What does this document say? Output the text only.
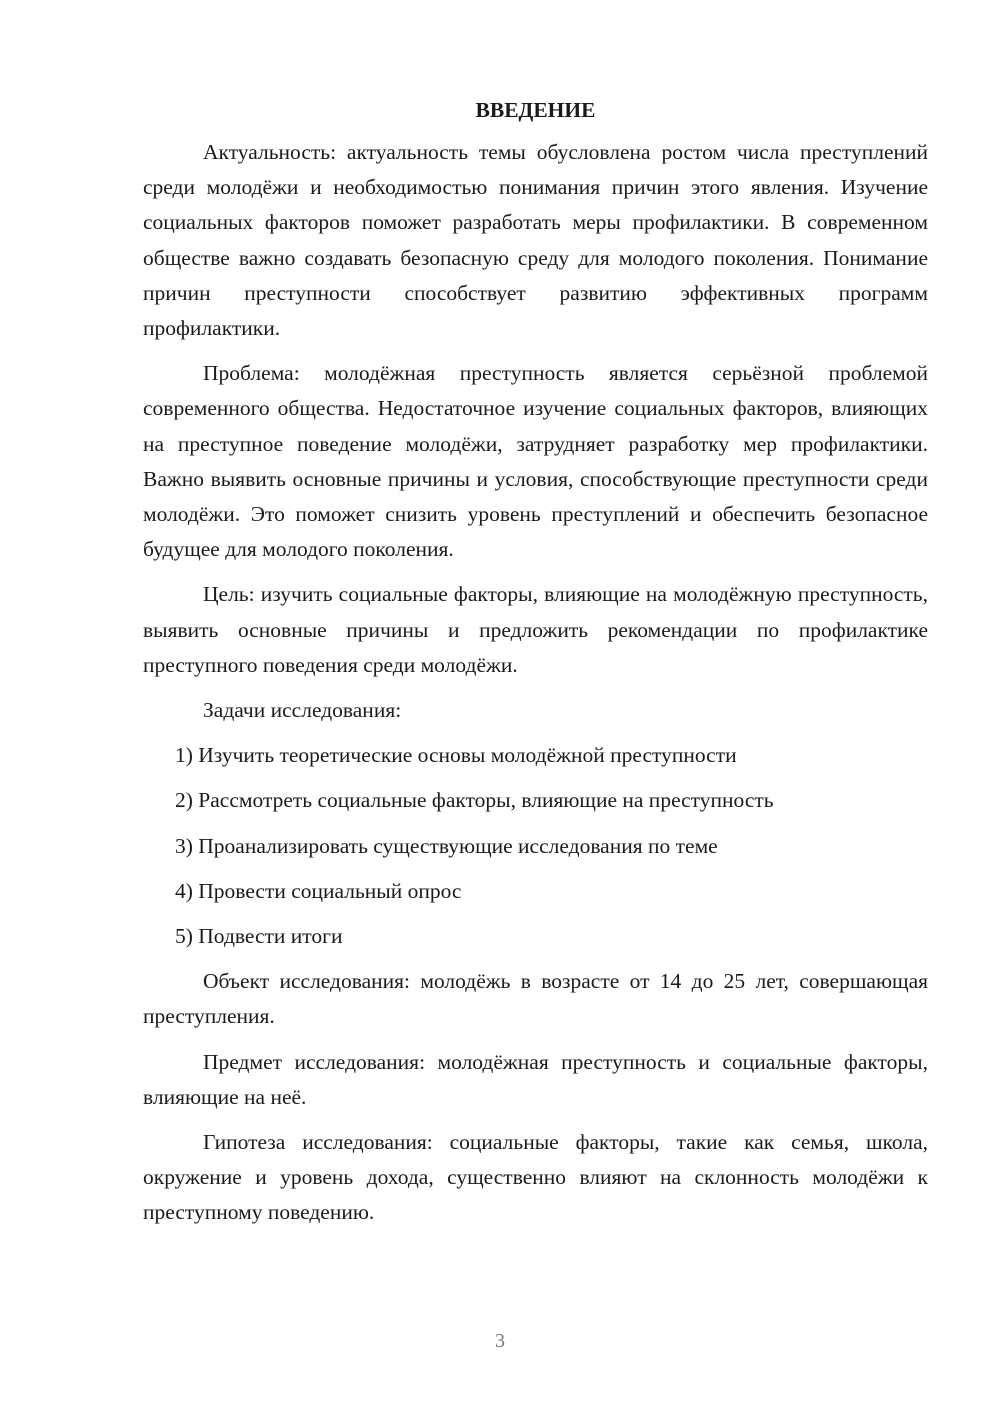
ВВЕДЕНИЕ

Актуальность: актуальность темы обусловлена ростом числа преступлений среди молодёжи и необходимостью понимания причин этого явления. Изучение социальных факторов поможет разработать меры профилактики. В современном обществе важно создавать безопасную среду для молодого поколения. Понимание причин преступности способствует развитию эффективных программ профилактики.

Проблема: молодёжная преступность является серьёзной проблемой современного общества. Недостаточное изучение социальных факторов, влияющих на преступное поведение молодёжи, затрудняет разработку мер профилактики. Важно выявить основные причины и условия, способствующие преступности среди молодёжи. Это поможет снизить уровень преступлений и обеспечить безопасное будущее для молодого поколения.

Цель: изучить социальные факторы, влияющие на молодёжную преступность, выявить основные причины и предложить рекомендации по профилактике преступного поведения среди молодёжи.

Задачи исследования:

1) Изучить теоретические основы молодёжной преступности
2) Рассмотреть социальные факторы, влияющие на преступность
3) Проанализировать существующие исследования по теме
4) Провести социальный опрос
5) Подвести итоги

Объект исследования: молодёжь в возрасте от 14 до 25 лет, совершающая преступления.

Предмет исследования: молодёжная преступность и социальные факторы, влияющие на неё.

Гипотеза исследования: социальные факторы, такие как семья, школа, окружение и уровень дохода, существенно влияют на склонность молодёжи к преступному поведению.

3
